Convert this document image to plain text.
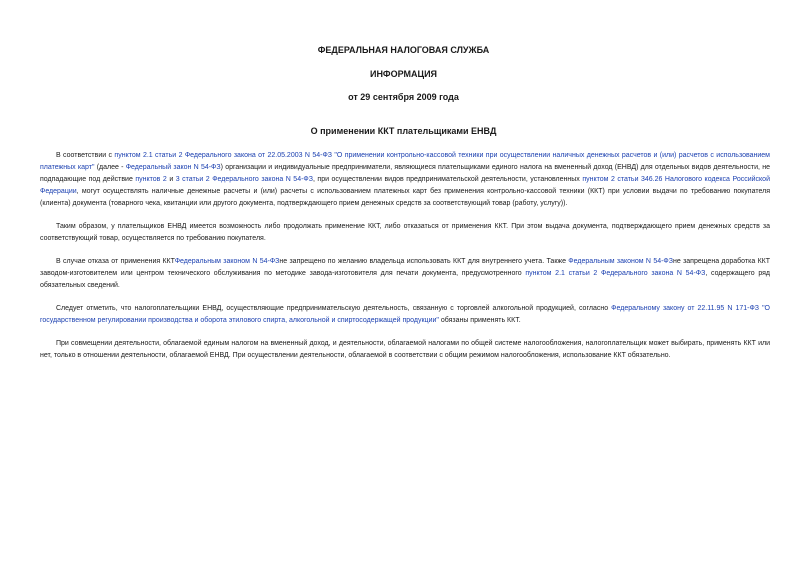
ФЕДЕРАЛЬНАЯ НАЛОГОВАЯ СЛУЖБА

ИНФОРМАЦИЯ

от 29 сентября 2009 года

О применении ККТ плательщиками ЕНВД

В соответствии с пунктом 2.1 статьи 2 Федерального закона от 22.05.2003 N 54-ФЗ "О применении контрольно-кассовой техники при осуществлении наличных денежных расчетов и (или) расчетов с использованием платежных карт" (далее - Федеральный закон N 54-ФЗ) организации и индивидуальные предприниматели, являющиеся плательщиками единого налога на вмененный доход (ЕНВД) для отдельных видов деятельности, не подпадающие под действие пунктов 2 и 3 статьи 2 Федерального закона N 54-ФЗ, при осуществлении видов предпринимательской деятельности, установленных пунктом 2 статьи 346.26 Налогового кодекса Российской Федерации, могут осуществлять наличные денежные расчеты и (или) расчеты с использованием платежных карт без применения контрольно-кассовой техники (ККТ) при условии выдачи по требованию покупателя (клиента) документа (товарного чека, квитанции или другого документа, подтверждающего прием денежных средств за соответствующий товар (работу, услугу)).

Таким образом, у плательщиков ЕНВД имеется возможность либо продолжать применение ККТ, либо отказаться от применения ККТ. При этом выдача документа, подтверждающего прием денежных средств за соответствующий товар, осуществляется по требованию покупателя.

В случае отказа от применения ККТФедеральным законом N 54-ФЗне запрещено по желанию владельца использовать ККТ для внутреннего учета. Также Федеральным законом N 54-ФЗне запрещена доработка ККТ заводом-изготовителем или центром технического обслуживания по методике завода-изготовителя для печати документа, предусмотренного пунктом 2.1 статьи 2 Федерального закона N 54-ФЗ, содержащего ряд обязательных сведений.

Следует отметить, что налогоплательщики ЕНВД, осуществляющие предпринимательскую деятельность, связанную с торговлей алкогольной продукцией, согласно Федеральному закону от 22.11.95 N 171-ФЗ "О государственном регулировании производства и оборота этилового спирта, алкогольной и спиртосодержащей продукции" обязаны применять ККТ.

При совмещении деятельности, облагаемой единым налогом на вмененный доход, и деятельности, облагаемой налогами по общей системе налогообложения, налогоплательщик может выбирать, применять ККТ или нет, только в отношении деятельности, облагаемой ЕНВД. При осуществлении деятельности, облагаемой в соответствии с общим режимом налогообложения, использование ККТ обязательно.
